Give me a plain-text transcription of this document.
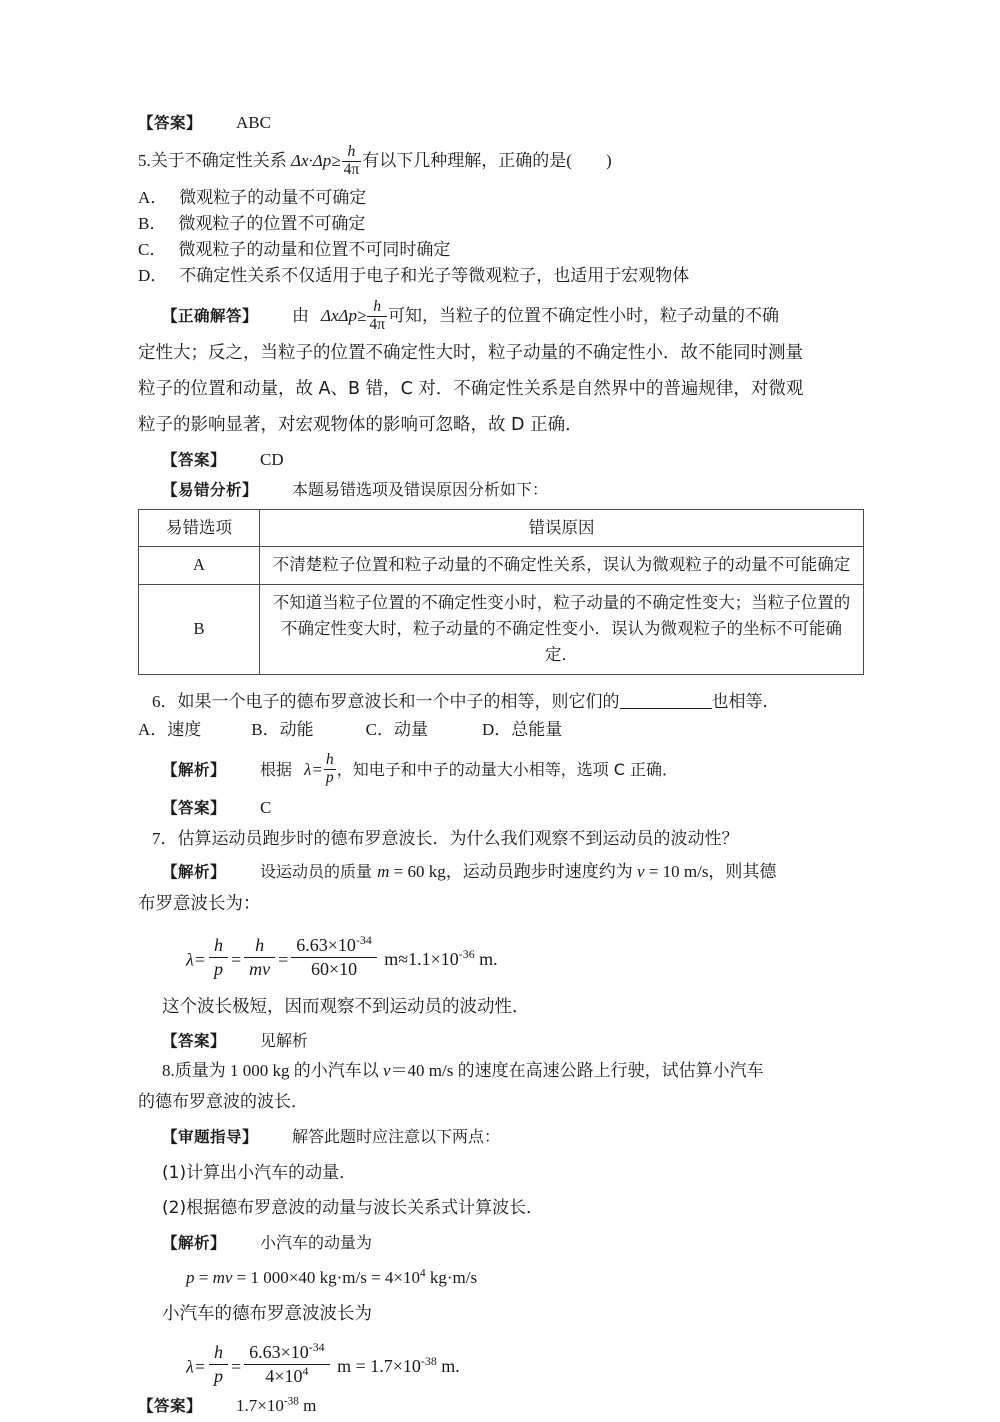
【答案】 ABC
5.关于不确定性关系 $\Delta x\cdot\Delta p\ge \frac{h}{4\pi}$ 有以下几种理解，正确的是( )
A． 微观粒子的动量不可确定
B． 微观粒子的位置不可确定
C． 微观粒子的动量和位置不可同时确定
D． 不确定性关系不仅适用于电子和光子等微观粒子，也适用于宏观物体
【正确解答】 由 $\Delta x\Delta p\ge \frac{h}{4\pi}$ 可知，当粒子的位置不确定性小时，粒子动量的不确
定性大；反之，当粒子的位置不确定性大时，粒子动量的不确定性小．故不能同时测量
粒子的位置和动量，故 A、B 错，C 对．不确定性关系是自然界中的普遍规律，对微观
粒子的影响显著，对宏观物体的影响可忽略，故 D 正确．
【答案】 CD
【易错分析】 本题易错选项及错误原因分析如下：
易错选项	错误原因
A	不清楚粒子位置和粒子动量的不确定性关系，误认为微观粒子的动量不可能确定
B	不知道当粒子位置的不确定性变小时，粒子动量的不确定性变大；当粒子位置的不确定性变大时，粒子动量的不确定性变小．误认为微观粒子的坐标不可能确定．
6．如果一个电子的德布罗意波长和一个中子的相等，则它们的	也相等．
A．速度	B．动能	C．动量	D．总能量
【解析】 根据 $\lambda= \frac{h}{p}$ ，知电子和中子的动量大小相等，选项 C 正确．
【答案】 C
7．估算运动员跑步时的德布罗意波长．为什么我们观察不到运动员的波动性？
【解析】 设运动员的质量 m = 60 kg，运动员跑步时速度约为 v = 10 m/s，则其德
布罗意波长为：
$\lambda= \frac{h}{p} = \frac{h}{mv} = \frac{6.63\times 10^{-34}}{60\times 10} m\approx 1.1\times 10^{-36}$ m.
这个波长极短，因而观察不到运动员的波动性．
【答案】 见解析
8.质量为 1 000 kg 的小汽车以 v＝40 m/s 的速度在高速公路上行驶，试估算小汽车
的德布罗意波的波长．
【审题指导】 解答此题时应注意以下两点：
(1)计算出小汽车的动量．
(2)根据德布罗意波的动量与波长关系式计算波长．
【解析】 小汽车的动量为
p = mv = 1 000×40 $kg\cdot m/s = 4\times 10^4$ kg·m/s
小汽车的德布罗意波波长为
$\lambda= \frac{h}{p} = \frac{6.63\times 10^{-34}}{4\times 10^4}$ $m = 1.7\times 10^{-38}$ m.
【答案】 $1.7\times 10^{-38}$ m
